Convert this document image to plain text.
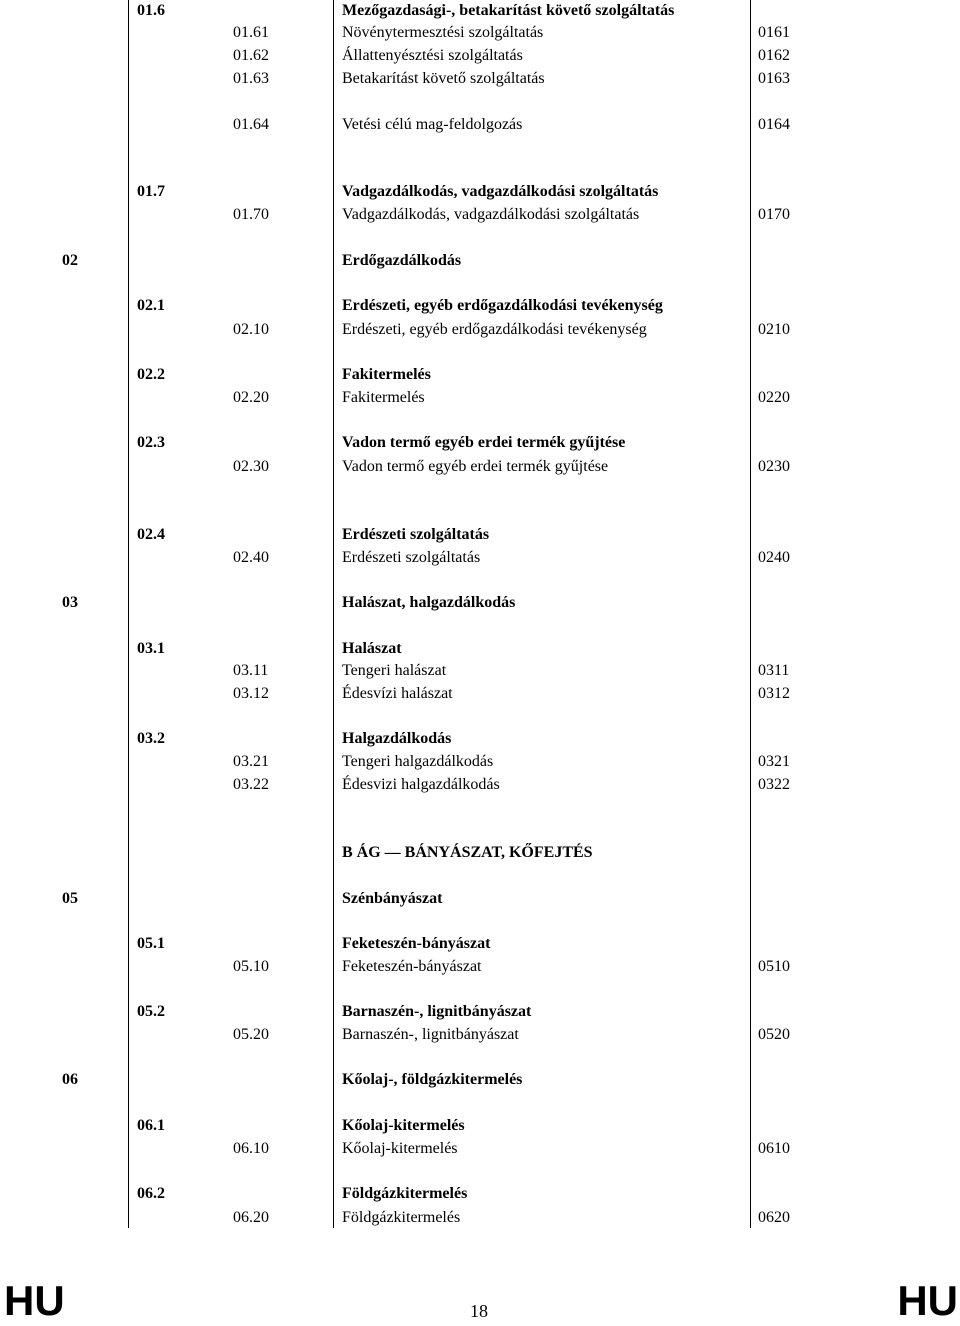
01.6	Mezőgazdasági-, betakarítást követő szolgáltatás
01.61	Növénytermesztési szolgáltatás	0161
01.62	Állattenyésztési szolgáltatás	0162
01.63	Betakarítást követő szolgáltatás	0163
01.64	Vetési célú mag-feldolgozás	0164
01.7	Vadgazdálkodás, vadgazdálkodási szolgáltatás
01.70	Vadgazdálkodás, vadgazdálkodási szolgáltatás	0170
02	Erdőgazdálkodás
02.1	Erdészeti, egyéb erdőgazdálkodási tevékenység
02.10	Erdészeti, egyéb erdőgazdálkodási tevékenység	0210
02.2	Fakitermelés
02.20	Fakitermelés	0220
02.3	Vadon termő egyéb erdei termék gyűjtése
02.30	Vadon termő egyéb erdei termék gyűjtése	0230
02.4	Erdészeti szolgáltatás
02.40	Erdészeti szolgáltatás	0240
03	Halászat, halgazdálkodás
03.1	Halászat
03.11	Tengeri halászat	0311
03.12	Édesvízi halászat	0312
03.2	Halgazdálkodás
03.21	Tengeri halgazdálkodás	0321
03.22	Édesvizi halgazdálkodás	0322
B ÁG — BÁNYÁSZAT, KŐFEJTÉS
05	Szénbányászat
05.1	Feketeszén-bányászat
05.10	Feketeszén-bányászat	0510
05.2	Barnaszén-, lignitbányászat
05.20	Barnaszén-, lignitbányászat	0520
06	Kőolaj-, földgázkitermelés
06.1	Kőolaj-kitermelés
06.10	Kőolaj-kitermelés	0610
06.2	Földgázkitermelés
06.20	Földgázkitermelés	0620
HU	18	HU
